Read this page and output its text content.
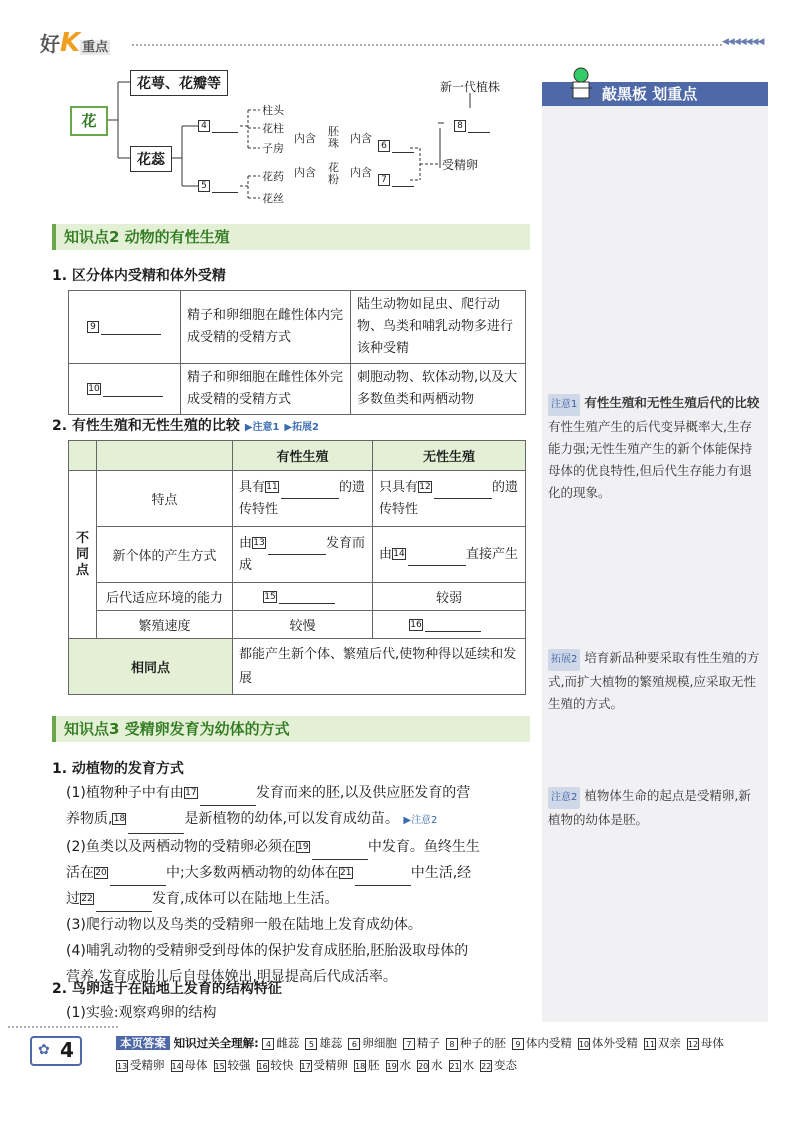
好K 重点	◀◀◀◀◀◀◀
敲黑板 划重点
注意1 有性生殖和无性生殖后代的比较
有性生殖产生的后代变异概率大,生存能力强;无性生殖产生的新个体能保持母体的优良特性,但后代生存能力有退化的现象。
拓展2 培育新品种要采取有性生殖的方式,而扩大植物的繁殖规模,应采取无性生殖的方式。
注意2 植物体生命的起点是受精卵,新植物的幼体是胚。
花
花萼、花瓣等
花蕊
4
5
柱头
花柱
子房
花药
花丝
内含
胚珠 内含
内含 花粉
内含
6
7
受精卵
8
新一代植株
知识点2 动物的有性生殖
1. 区分体内受精和体外受精
9	精子和卵细胞在雌性体内完成受精的受精方式	陆生动物如昆虫、爬行动物、鸟类和哺乳动物多进行该种受精
10	精子和卵细胞在雌性体外完成受精的受精方式	刺胞动物、软体动物,以及大多数鱼类和两栖动物
2. 有性生殖和无性生殖的比较 ▶注意1 ▶拓展2
		有性生殖	无性生殖
不同点	特点	具有11 的遗传特性	只具有12 的遗传特性
	新个体的产生方式	由13 发育而成	由14 直接产生
	后代适应环境的能力	15	较弱
	繁殖速度	较慢	16
相同点		都能产生新个体、繁殖后代,使物种得以延续和发展	
知识点3 受精卵发育为幼体的方式
1. 动植物的发育方式
(1)植物种子中有由17	发育而来的胚,以及供应胚发育的营
养物质,18	是新植物的幼体,可以发育成幼苗。 ▶注意2
(2)鱼类以及两栖动物的受精卵必须在19	中发育。鱼终生生
活在20	中;大多数两栖动物的幼体在21	中生活,经
过22	发育,成体可以在陆地上生活。
(3)爬行动物以及鸟类的受精卵一般在陆地上发育成幼体。
(4)哺乳动物的受精卵受到母体的保护发育成胚胎,胚胎汲取母体的
营养,发育成胎儿后自母体娩出,明显提高后代成活率。
2. 鸟卵适于在陆地上发育的结构特征
(1)实验:观察鸡卵的结构
✿ 4	本页答案 知识过关全理解: 4 雌蕊 5 雄蕊 6 卵细胞 7 精子 8 种子的胚 9 体内受精 10 体外受精 11 双亲 12 母体13 受精卵 14 母体 15 较强 16 较快 17 受精卵 18 胚 19 水 20 水 21 水 22 变态
